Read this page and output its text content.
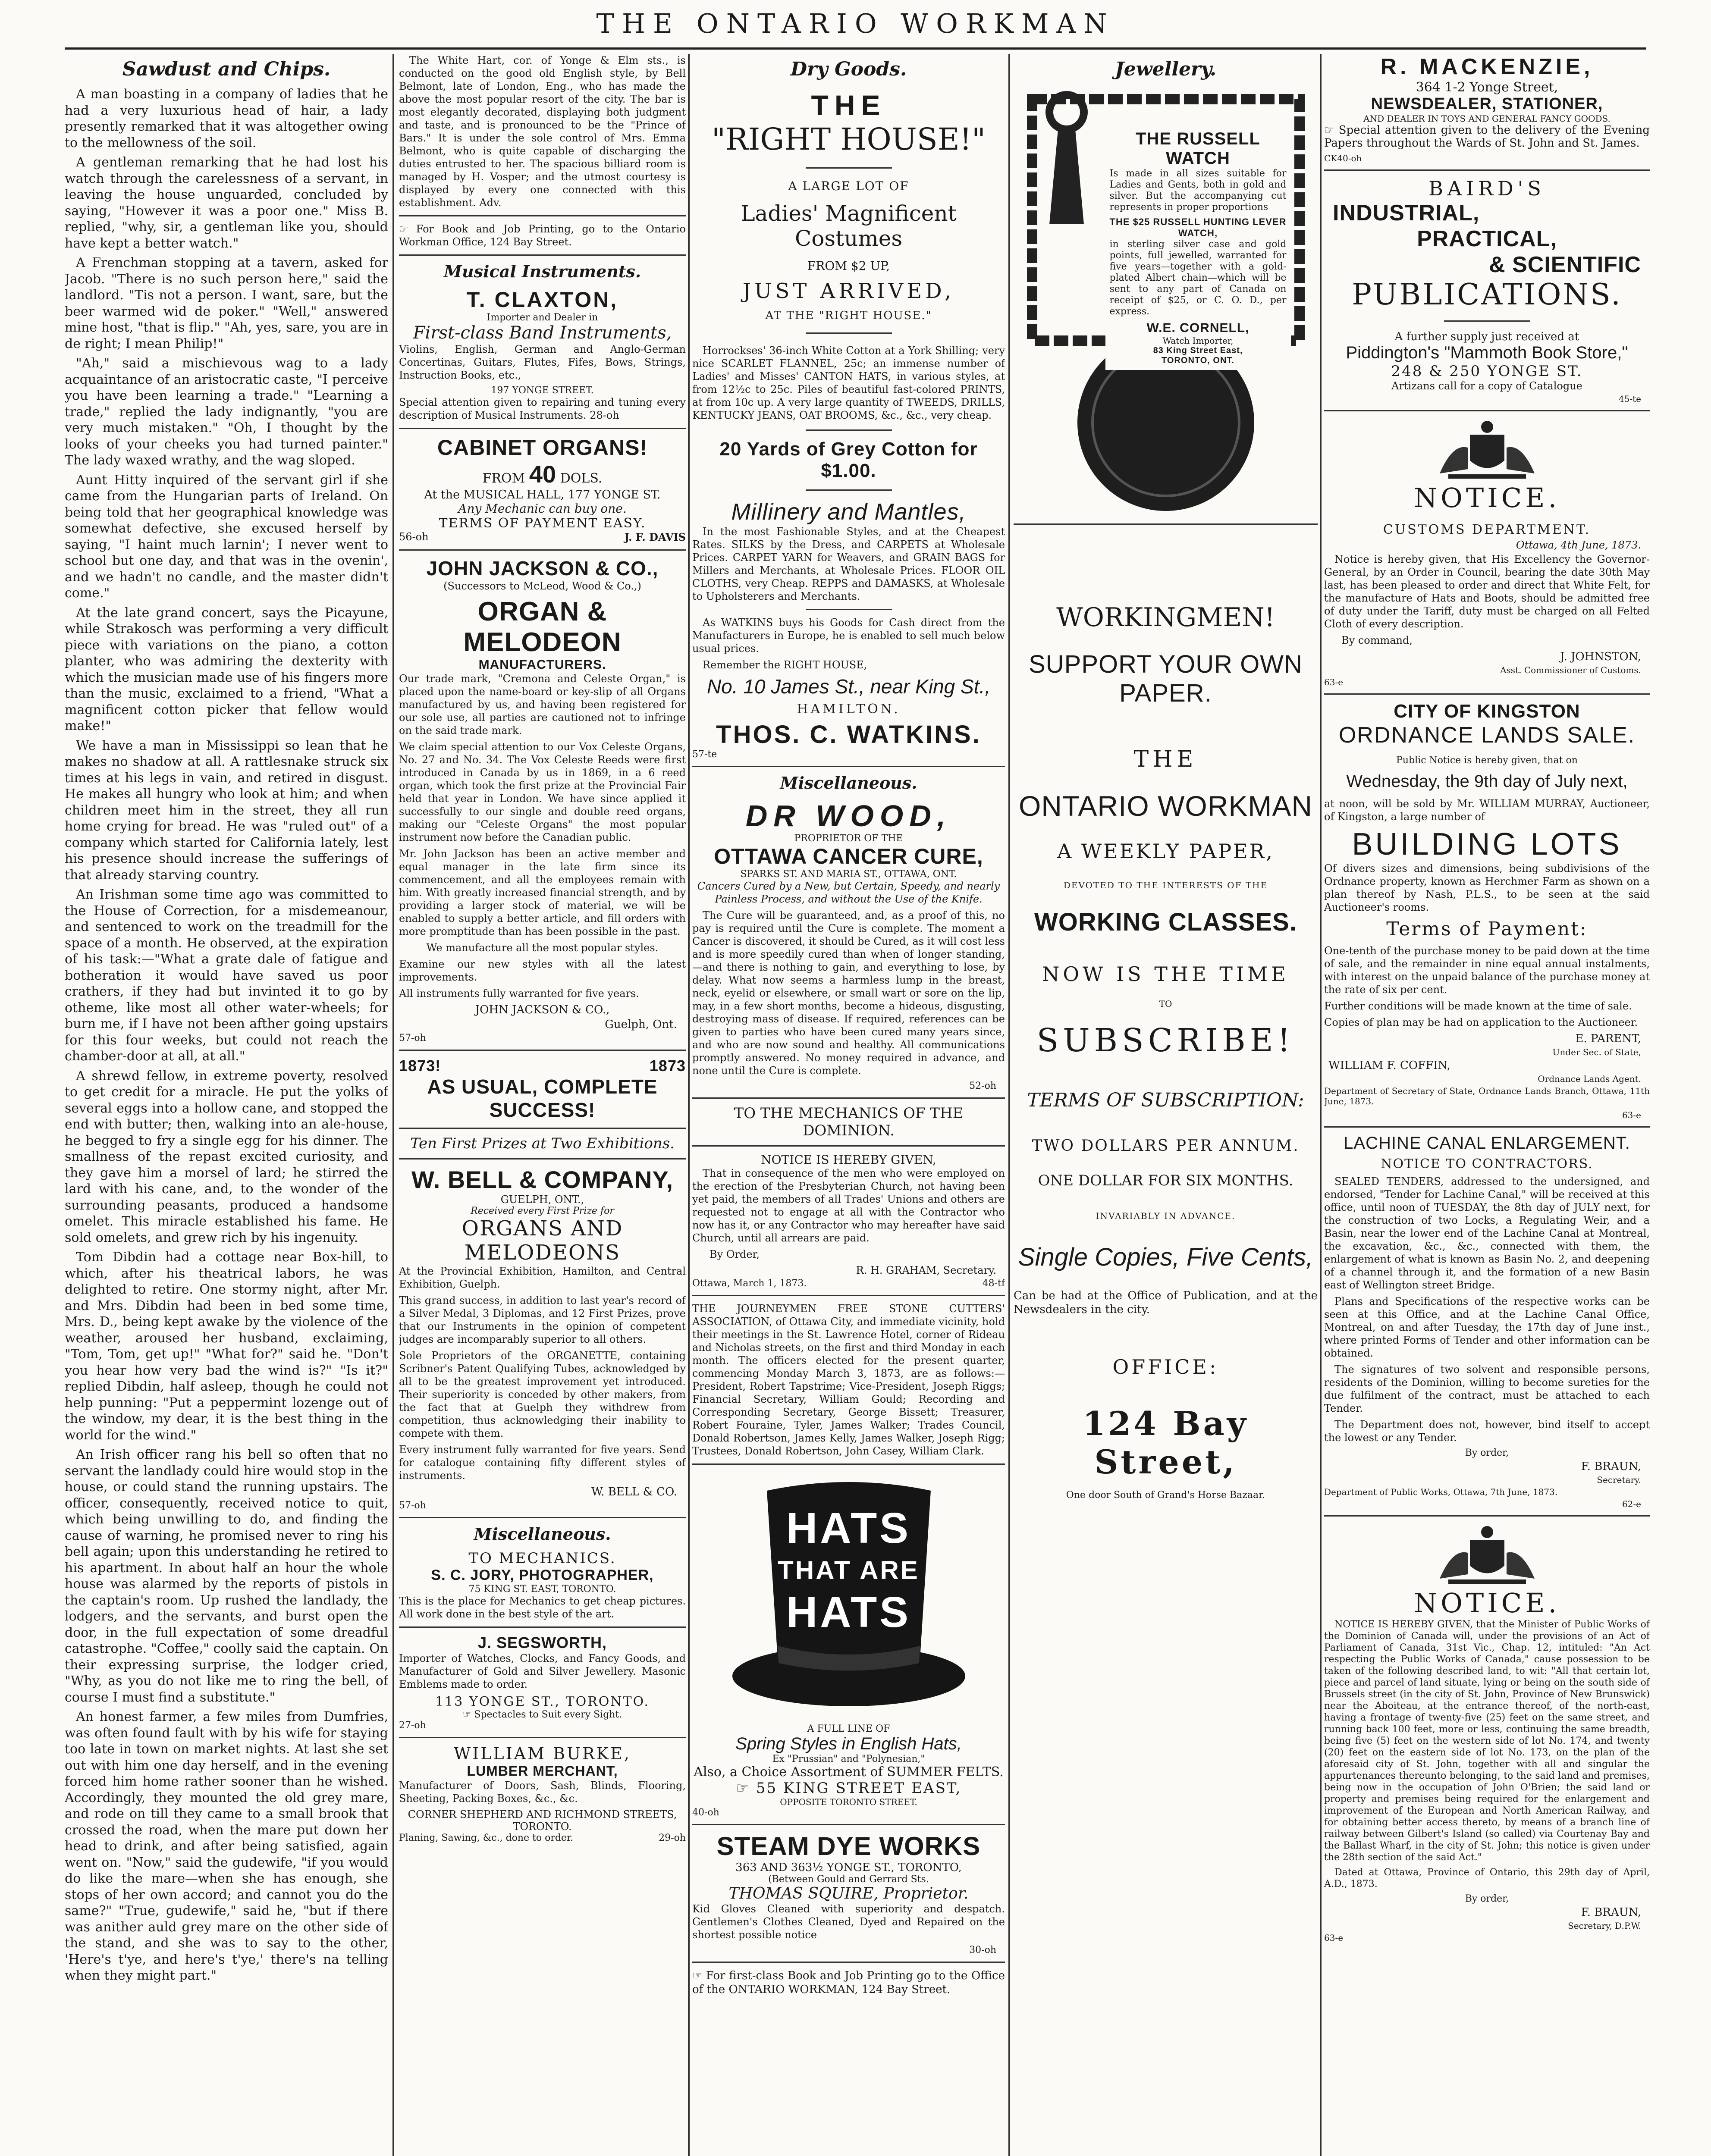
THE ONTARIO WORKMAN
Sawdust and Chips.

A man boasting in a company of ladies that he had a very luxurious head of hair, a lady presently remarked that it was altogether owing to the mellowness of the soil.

A gentleman remarking that he had lost his watch through the carelessness of a servant, in leaving the house unguarded, concluded by saying, "However it was a poor one." Miss B. replied, "why, sir, a gentleman like you, should have kept a better watch."

A Frenchman stopping at a tavern, asked for Jacob. "There is no such person here," said the landlord. "Tis not a person. I want, sare, but the beer warmed wid de poker." "Well," answered mine host, "that is flip." "Ah, yes, sare, you are in de right; I mean Philip!"

"Ah," said a mischievous wag to a lady acquaintance of an aristocratic caste, "I perceive you have been learning a trade." "Learning a trade," replied the lady indignantly, "you are very much mistaken." "Oh, I thought by the looks of your cheeks you had turned painter." The lady waxed wrathy, and the wag sloped.

Aunt Hitty inquired of the servant girl if she came from the Hungarian parts of Ireland. On being told that her geographical knowledge was somewhat defective, she excused herself by saying, "I haint much larnin'; I never went to school but one day, and that was in the ovenin', and we hadn't no candle, and the master didn't come."

At the late grand concert, says the Picayune, while Strakosch was performing a very difficult piece with variations on the piano, a cotton planter, who was admiring the dexterity with which the musician made use of his fingers more than the music, exclaimed to a friend, "What a magnificent cotton picker that fellow would make!"

We have a man in Mississippi so lean that he makes no shadow at all. A rattlesnake struck six times at his legs in vain, and retired in disgust. He makes all hungry who look at him; and when children meet him in the street, they all run home crying for bread. He was "ruled out" of a company which started for California lately, lest his presence should increase the sufferings of that already starving country.

An Irishman some time ago was committed to the House of Correction, for a misdemeanour, and sentenced to work on the treadmill for the space of a month. He observed, at the expiration of his task:—"What a grate dale of fatigue and botheration it would have saved us poor crathers, if they had but invinted it to go by otheme, like most all other water-wheels; for burn me, if I have not been afther going upstairs for this four weeks, but could not reach the chamber-door at all, at all."

A shrewd fellow, in extreme poverty, resolved to get credit for a miracle. He put the yolks of several eggs into a hollow cane, and stopped the end with butter; then, walking into an ale-house, he begged to fry a single egg for his dinner. The smallness of the repast excited curiosity, and they gave him a morsel of lard; he stirred the lard with his cane, and, to the wonder of the surrounding peasants, produced a handsome omelet. This miracle established his fame. He sold omelets, and grew rich by his ingenuity.

Tom Dibdin had a cottage near Box-hill, to which, after his theatrical labors, he was delighted to retire. One stormy night, after Mr. and Mrs. Dibdin had been in bed some time, Mrs. D., being kept awake by the violence of the weather, aroused her husband, exclaiming, "Tom, Tom, get up!" "What for?" said he. "Don't you hear how very bad the wind is?" "Is it?" replied Dibdin, half asleep, though he could not help punning: "Put a peppermint lozenge out of the window, my dear, it is the best thing in the world for the wind."

An Irish officer rang his bell so often that no servant the landlady could hire would stop in the house, or could stand the running upstairs. The officer, consequently, received notice to quit, which being unwilling to do, and finding the cause of warning, he promised never to ring his bell again; upon this understanding he retired to his apartment. In about half an hour the whole house was alarmed by the reports of pistols in the captain's room. Up rushed the landlady, the lodgers, and the servants, and burst open the door, in the full expectation of some dreadful catastrophe. "Coffee," coolly said the captain. On their expressing surprise, the lodger cried, "Why, as you do not like me to ring the bell, of course I must find a substitute."

An honest farmer, a few miles from Dumfries, was often found fault with by his wife for staying too late in town on market nights. At last she set out with him one day herself, and in the evening forced him home rather sooner than he wished. Accordingly, they mounted the old grey mare, and rode on till they came to a small brook that crossed the road, when the mare put down her head to drink, and after being satisfied, again went on. "Now," said the gudewife, "if you would do like the mare—when she has enough, she stops of her own accord; and cannot you do the same?" "True, gudewife," said he, "but if there was anither auld grey mare on the other side of the stand, and she was to say to the other, 'Here's t'ye, and here's t'ye,' there's na telling when they might part."

The White Hart, cor. of Yonge & Elm sts., is conducted on the good old English style, by Bell Belmont, late of London, Eng., who has made the above the most popular resort of the city. The bar is most elegantly decorated, displaying both judgment and taste, and is pronounced to be the "Prince of Bars." It is under the sole control of Mrs. Emma Belmont, who is quite capable of discharging the duties entrusted to her. The spacious billiard room is managed by H. Vosper; and the utmost courtesy is displayed by every one connected with this establishment. Adv.

☞ For Book and Job Printing, go to the Ontario Workman Office, 124 Bay Street.

Musical Instruments.
T. CLAXTON,
Importer and Dealer in
First-class Band Instruments,

Violins, English, German and Anglo-German Concertinas, Guitars, Flutes, Fifes, Bows, Strings, Instruction Books, etc.,

197 YONGE STREET.

Special attention given to repairing and tuning every description of Musical Instruments. 28-oh

CABINET ORGANS!
FROM 40 DOLS.
At the MUSICAL HALL, 177 YONGE ST.
Any Mechanic can buy one.
TERMS OF PAYMENT EASY.
56-oh	J. F. DAVIS
JOHN JACKSON & CO.,
(Successors to McLeod, Wood & Co.,)
ORGAN & MELODEON
MANUFACTURERS.

Our trade mark, "Cremona and Celeste Organ," is placed upon the name-board or key-slip of all Organs manufactured by us, and having been registered for our sole use, all parties are cautioned not to infringe on the said trade mark.

We claim special attention to our Vox Celeste Organs, No. 27 and No. 34. The Vox Celeste Reeds were first introduced in Canada by us in 1869, in a 6 reed organ, which took the first prize at the Provincial Fair held that year in London. We have since applied it successfully to our single and double reed organs, making our "Celeste Organs" the most popular instrument now before the Canadian public.

Mr. John Jackson has been an active member and equal manager in the late firm since its commencement, and all the employees remain with him. With greatly increased financial strength, and by providing a larger stock of material, we will be enabled to supply a better article, and fill orders with more promptitude than has been possible in the past.

We manufacture all the most popular styles.

Examine our new styles with all the latest improvements.

All instruments fully warranted for five years.

JOHN JACKSON & CO.,
Guelph, Ont.
57-oh
1873!	1873
AS USUAL, COMPLETE SUCCESS!
Ten First Prizes at Two Exhibitions.
W. BELL & COMPANY,
GUELPH, ONT.,
Received every First Prize for
ORGANS AND MELODEONS

At the Provincial Exhibition, Hamilton, and Central Exhibition, Guelph.

This grand success, in addition to last year's record of a Silver Medal, 3 Diplomas, and 12 First Prizes, prove that our Instruments in the opinion of competent judges are incomparably superior to all others.

Sole Proprietors of the ORGANETTE, containing Scribner's Patent Qualifying Tubes, acknowledged by all to be the greatest improvement yet introduced. Their superiority is conceded by other makers, from the fact that at Guelph they withdrew from competition, thus acknowledging their inability to compete with them.

Every instrument fully warranted for five years. Send for catalogue containing fifty different styles of instruments.

W. BELL & CO.
57-oh
Miscellaneous.
TO MECHANICS.
S. C. JORY, PHOTOGRAPHER,
75 KING ST. EAST, TORONTO.

This is the place for Mechanics to get cheap pictures. All work done in the best style of the art.

J. SEGSWORTH,

Importer of Watches, Clocks, and Fancy Goods, and Manufacturer of Gold and Silver Jewellery. Masonic Emblems made to order.

113 YONGE ST., TORONTO.
☞ Spectacles to Suit every Sight.
27-oh
WILLIAM BURKE,
LUMBER MERCHANT,

Manufacturer of Doors, Sash, Blinds, Flooring, Sheeting, Packing Boxes, &c., &c.

CORNER SHEPHERD AND RICHMOND STREETS, TORONTO.
Planing, Sawing, &c., done to order.	29-oh
Dry Goods.
THE
"RIGHT HOUSE!"
A LARGE LOT OF
Ladies' Magnificent Costumes
FROM $2 UP,
JUST ARRIVED,
AT THE "RIGHT HOUSE."

Horrockses' 36-inch White Cotton at a York Shilling; very nice SCARLET FLANNEL, 25c; an immense number of Ladies' and Misses' CANTON HATS, in various styles, at from 12½c to 25c. Piles of beautiful fast-colored PRINTS, at from 10c up. A very large quantity of TWEEDS, DRILLS, KENTUCKY JEANS, OAT BROOMS, &c., &c., very cheap.

20 Yards of Grey Cotton for $1.00.
Millinery and Mantles,

In the most Fashionable Styles, and at the Cheapest Rates. SILKS by the Dress, and CARPETS at Wholesale Prices. CARPET YARN for Weavers, and GRAIN BAGS for Millers and Merchants, at Wholesale Prices. FLOOR OIL CLOTHS, very Cheap. REPPS and DAMASKS, at Wholesale to Upholsterers and Merchants.

As WATKINS buys his Goods for Cash direct from the Manufacturers in Europe, he is enabled to sell much below usual prices.

Remember the RIGHT HOUSE,

No. 10 James St., near King St.,
HAMILTON.
THOS. C. WATKINS.
57-te
Miscellaneous.
DR WOOD,
PROPRIETOR OF THE
OTTAWA CANCER CURE,
SPARKS ST. AND MARIA ST., OTTAWA, ONT.

Cancers Cured by a New, but Certain, Speedy, and nearly Painless Process, and without the Use of the Knife.

The Cure will be guaranteed, and, as a proof of this, no pay is required until the Cure is complete. The moment a Cancer is discovered, it should be Cured, as it will cost less and is more speedily cured than when of longer standing,—and there is nothing to gain, and everything to lose, by delay. What now seems a harmless lump in the breast, neck, eyelid or elsewhere, or small wart or sore on the lip, may, in a few short months, become a hideous, disgusting, destroying mass of disease. If required, references can be given to parties who have been cured many years since, and who are now sound and healthy. All communications promptly answered. No money required in advance, and none until the Cure is complete.

52-oh
TO THE MECHANICS OF THE DOMINION.
NOTICE IS HEREBY GIVEN,

That in consequence of the men who were employed on the erection of the Presbyterian Church, not having been yet paid, the members of all Trades' Unions and others are requested not to engage at all with the Contractor who now has it, or any Contractor who may hereafter have said Church, until all arrears are paid.

By Order,
R. H. GRAHAM, Secretary.
Ottawa, March 1, 1873.	48-tf

THE JOURNEYMEN FREE STONE CUTTERS' ASSOCIATION, of Ottawa City, and immediate vicinity, hold their meetings in the St. Lawrence Hotel, corner of Rideau and Nicholas streets, on the first and third Monday in each month. The officers elected for the present quarter, commencing Monday March 3, 1873, are as follows:—President, Robert Tapstrime; Vice-President, Joseph Riggs; Financial Secretary, William Gould; Recording and Corresponding Secretary, George Bissett; Treasurer, Robert Fouraine, Tyler, James Walker; Trades Council, Donald Robertson, James Kelly, James Walker, Joseph Rigg; Trustees, Donald Robertson, John Casey, William Clark.

HATS
THAT ARE
HATS
A FULL LINE OF
Spring Styles in English Hats,
Ex "Prussian" and "Polynesian,"
Also, a Choice Assortment of SUMMER FELTS.
☞ 55 KING STREET EAST,
OPPOSITE TORONTO STREET.
40-oh
STEAM DYE WORKS
363 AND 363½ YONGE ST., TORONTO,
(Between Gould and Gerrard Sts.
THOMAS SQUIRE, Proprietor.

Kid Gloves Cleaned with superiority and despatch. Gentlemen's Clothes Cleaned, Dyed and Repaired on the shortest possible notice

30-oh

☞ For first-class Book and Job Printing go to the Office of the ONTARIO WORKMAN, 124 Bay Street.

Jewellery.
THE RUSSELL WATCH

Is made in all sizes suitable for Ladies and Gents, both in gold and silver. But the accompanying cut represents in proper proportions

THE $25 RUSSELL HUNTING LEVER WATCH,

in sterling silver case and gold points, full jewelled, warranted for five years—together with a gold-plated Albert chain—which will be sent to any part of Canada on receipt of $25, or C. O. D., per express.

W.E. CORNELL,
Watch Importer,
83 King Street East,
TORONTO, ONT.
WORKINGMEN!
SUPPORT YOUR OWN PAPER.
THE
ONTARIO WORKMAN
A WEEKLY PAPER,
DEVOTED TO THE INTERESTS OF THE
WORKING CLASSES.
NOW IS THE TIME
TO
SUBSCRIBE!
TERMS OF SUBSCRIPTION:
TWO DOLLARS PER ANNUM.
ONE DOLLAR FOR SIX MONTHS.
INVARIABLY IN ADVANCE.
Single Copies, Five Cents,

Can be had at the Office of Publication, and at the Newsdealers in the city.

OFFICE:
124 Bay Street,
One door South of Grand's Horse Bazaar.
R. MACKENZIE,
364 1-2 Yonge Street,
NEWSDEALER, STATIONER,
AND DEALER IN TOYS AND GENERAL FANCY GOODS.

☞ Special attention given to the delivery of the Evening Papers throughout the Wards of St. John and St. James.

CK40-oh
BAIRD'S
INDUSTRIAL,
PRACTICAL,
& SCIENTIFIC
PUBLICATIONS.
A further supply just received at
Piddington's "Mammoth Book Store,"
248 & 250 YONGE ST.
Artizans call for a copy of Catalogue
45-te
NOTICE.
CUSTOMS DEPARTMENT.
Ottawa, 4th June, 1873.

Notice is hereby given, that His Excellency the Governor-General, by an Order in Council, bearing the date 30th May last, has been pleased to order and direct that White Felt, for the manufacture of Hats and Boots, should be admitted free of duty under the Tariff, duty must be charged on all Felted Cloth of every description.

By command,
J. JOHNSTON,
Asst. Commissioner of Customs.
63-e
CITY OF KINGSTON
ORDNANCE LANDS SALE.
Public Notice is hereby given, that on
Wednesday, the 9th day of July next,

at noon, will be sold by Mr. WILLIAM MURRAY, Auctioneer, of Kingston, a large number of

BUILDING LOTS

Of divers sizes and dimensions, being subdivisions of the Ordnance property, known as Herchmer Farm as shown on a plan thereof by Nash, P.L.S., to be seen at the said Auctioneer's rooms.

Terms of Payment:

One-tenth of the purchase money to be paid down at the time of sale, and the remainder in nine equal annual instalments, with interest on the unpaid balance of the purchase money at the rate of six per cent.

Further conditions will be made known at the time of sale.

Copies of plan may be had on application to the Auctioneer.

E. PARENT,
Under Sec. of State,
WILLIAM F. COFFIN,
Ordnance Lands Agent.

Department of Secretary of State, Ordnance Lands Branch, Ottawa, 11th June, 1873.

63-e
LACHINE CANAL ENLARGEMENT.
NOTICE TO CONTRACTORS.

SEALED TENDERS, addressed to the undersigned, and endorsed, "Tender for Lachine Canal," will be received at this office, until noon of TUESDAY, the 8th day of JULY next, for the construction of two Locks, a Regulating Weir, and a Basin, near the lower end of the Lachine Canal at Montreal, the excavation, &c., &c., connected with them, the enlargement of what is known as Basin No. 2, and deepening of a channel through it, and the formation of a new Basin east of Wellington street Bridge.

Plans and Specifications of the respective works can be seen at this Office, and at the Lachine Canal Office, Montreal, on and after Tuesday, the 17th day of June inst., where printed Forms of Tender and other information can be obtained.

The signatures of two solvent and responsible persons, residents of the Dominion, willing to become sureties for the due fulfilment of the contract, must be attached to each Tender.

The Department does not, however, bind itself to accept the lowest or any Tender.

By order,
F. BRAUN,
Secretary.

Department of Public Works, Ottawa, 7th June, 1873.

62-e
NOTICE.

NOTICE IS HEREBY GIVEN, that the Minister of Public Works of the Dominion of Canada will, under the provisions of an Act of Parliament of Canada, 31st Vic., Chap. 12, intituled: "An Act respecting the Public Works of Canada," cause possession to be taken of the following described land, to wit: "All that certain lot, piece and parcel of land situate, lying or being on the south side of Brussels street (in the city of St. John, Province of New Brunswick) near the Aboiteau, at the entrance thereof, of the north-east, having a frontage of twenty-five (25) feet on the same street, and running back 100 feet, more or less, continuing the same breadth, being five (5) feet on the western side of lot No. 174, and twenty (20) feet on the eastern side of lot No. 173, on the plan of the aforesaid city of St. John, together with all and singular the appurtenances thereunto belonging, to the said land and premises, being now in the occupation of John O'Brien; the said land or property and premises being required for the enlargement and improvement of the European and North American Railway, and for obtaining better access thereto, by means of a branch line of railway between Gilbert's Island (so called) via Courtenay Bay and the Ballast Wharf, in the city of St. John; this notice is given under the 28th section of the said Act."

Dated at Ottawa, Province of Ontario, this 29th day of April, A.D., 1873.

By order,
F. BRAUN,
Secretary, D.P.W.
63-e
